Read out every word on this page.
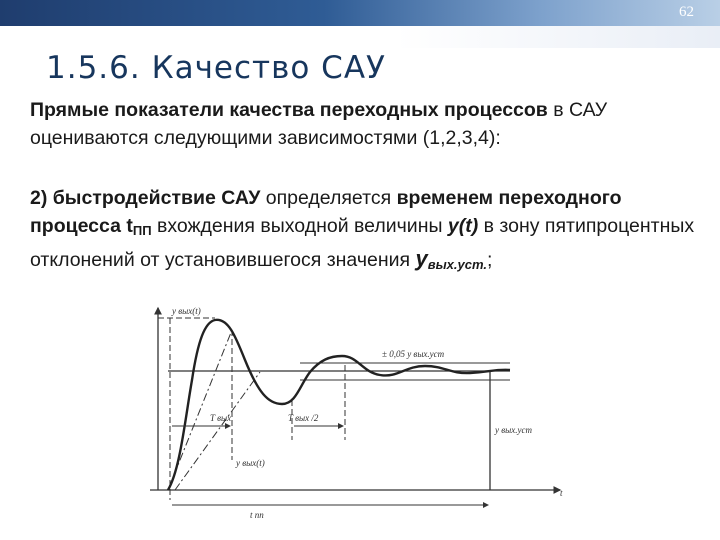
62
1.5.6. Качество САУ
Прямые показатели качества переходных процессов в САУ оцениваются следующими зависимостями (1,2,3,4):
2) быстродействие САУ определяется временем переходного процесса $t_{ПП}$ вхождения выходной величины y(t) в зону пятипроцентных отклонений от установившегося значения $y_{вых.уст.}$;
y вых(t)
± 0,05 y вых.уст
T вых	T вых /2
y вых.уст
y вых(t)
t
t пп
